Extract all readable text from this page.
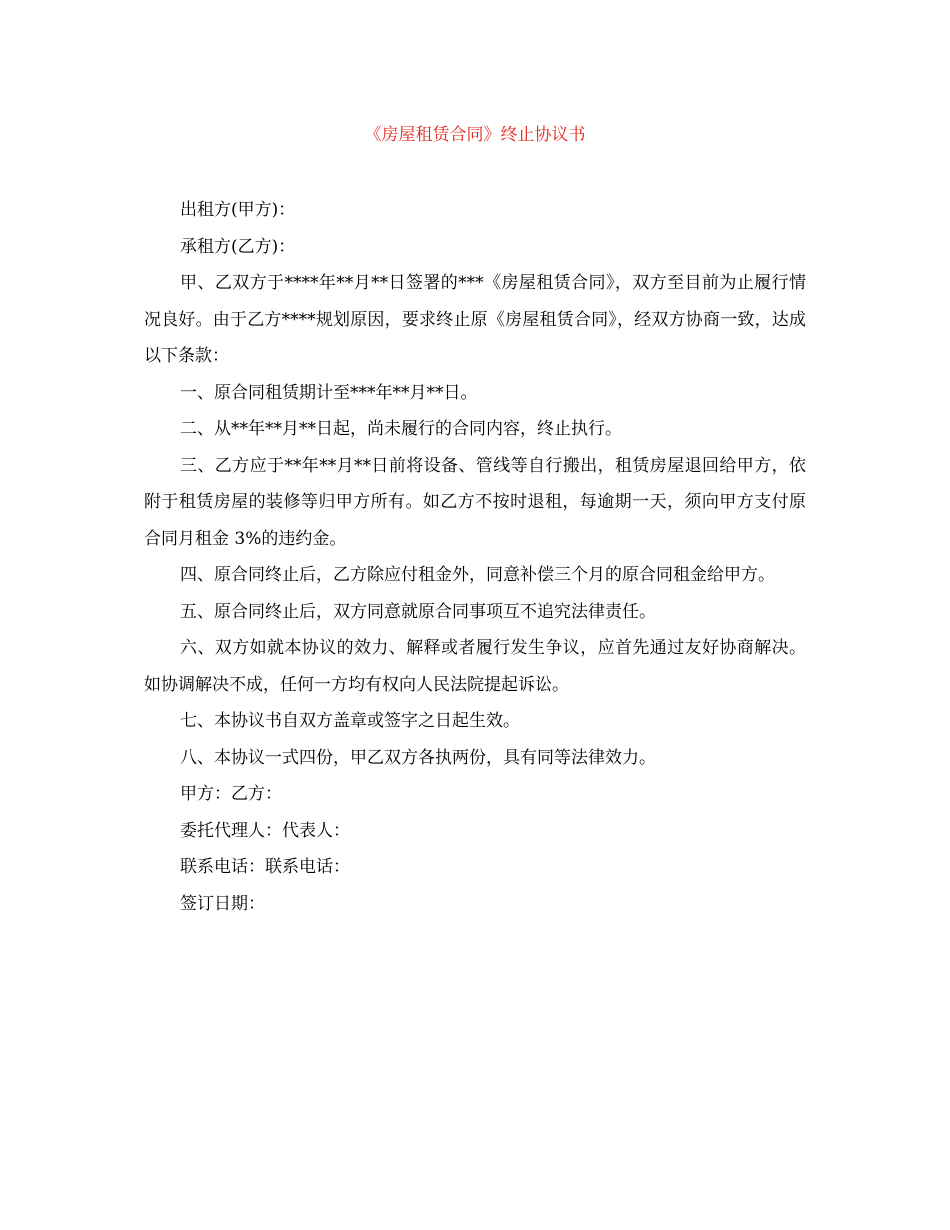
《房屋租赁合同》终止协议书

出租方(甲方)：

承租方(乙方)：

甲、乙双方于****年**月**日签署的***《房屋租赁合同》，双方至目前为止履行情况良好。由于乙方****规划原因，要求终止原《房屋租赁合同》，经双方协商一致，达成以下条款：

一、原合同租赁期计至***年**月**日。

二、从**年**月**日起，尚未履行的合同内容，终止执行。

三、乙方应于**年**月**日前将设备、管线等自行搬出，租赁房屋退回给甲方，依附于租赁房屋的装修等归甲方所有。如乙方不按时退租，每逾期一天，须向甲方支付原合同月租金 3%的违约金。

四、原合同终止后，乙方除应付租金外，同意补偿三个月的原合同租金给甲方。

五、原合同终止后，双方同意就原合同事项互不追究法律责任。

六、双方如就本协议的效力、解释或者履行发生争议，应首先通过友好协商解决。如协调解决不成，任何一方均有权向人民法院提起诉讼。

七、本协议书自双方盖章或签字之日起生效。

八、本协议一式四份，甲乙双方各执两份，具有同等法律效力。

甲方：乙方：

委托代理人：代表人：

联系电话：联系电话：

签订日期：
